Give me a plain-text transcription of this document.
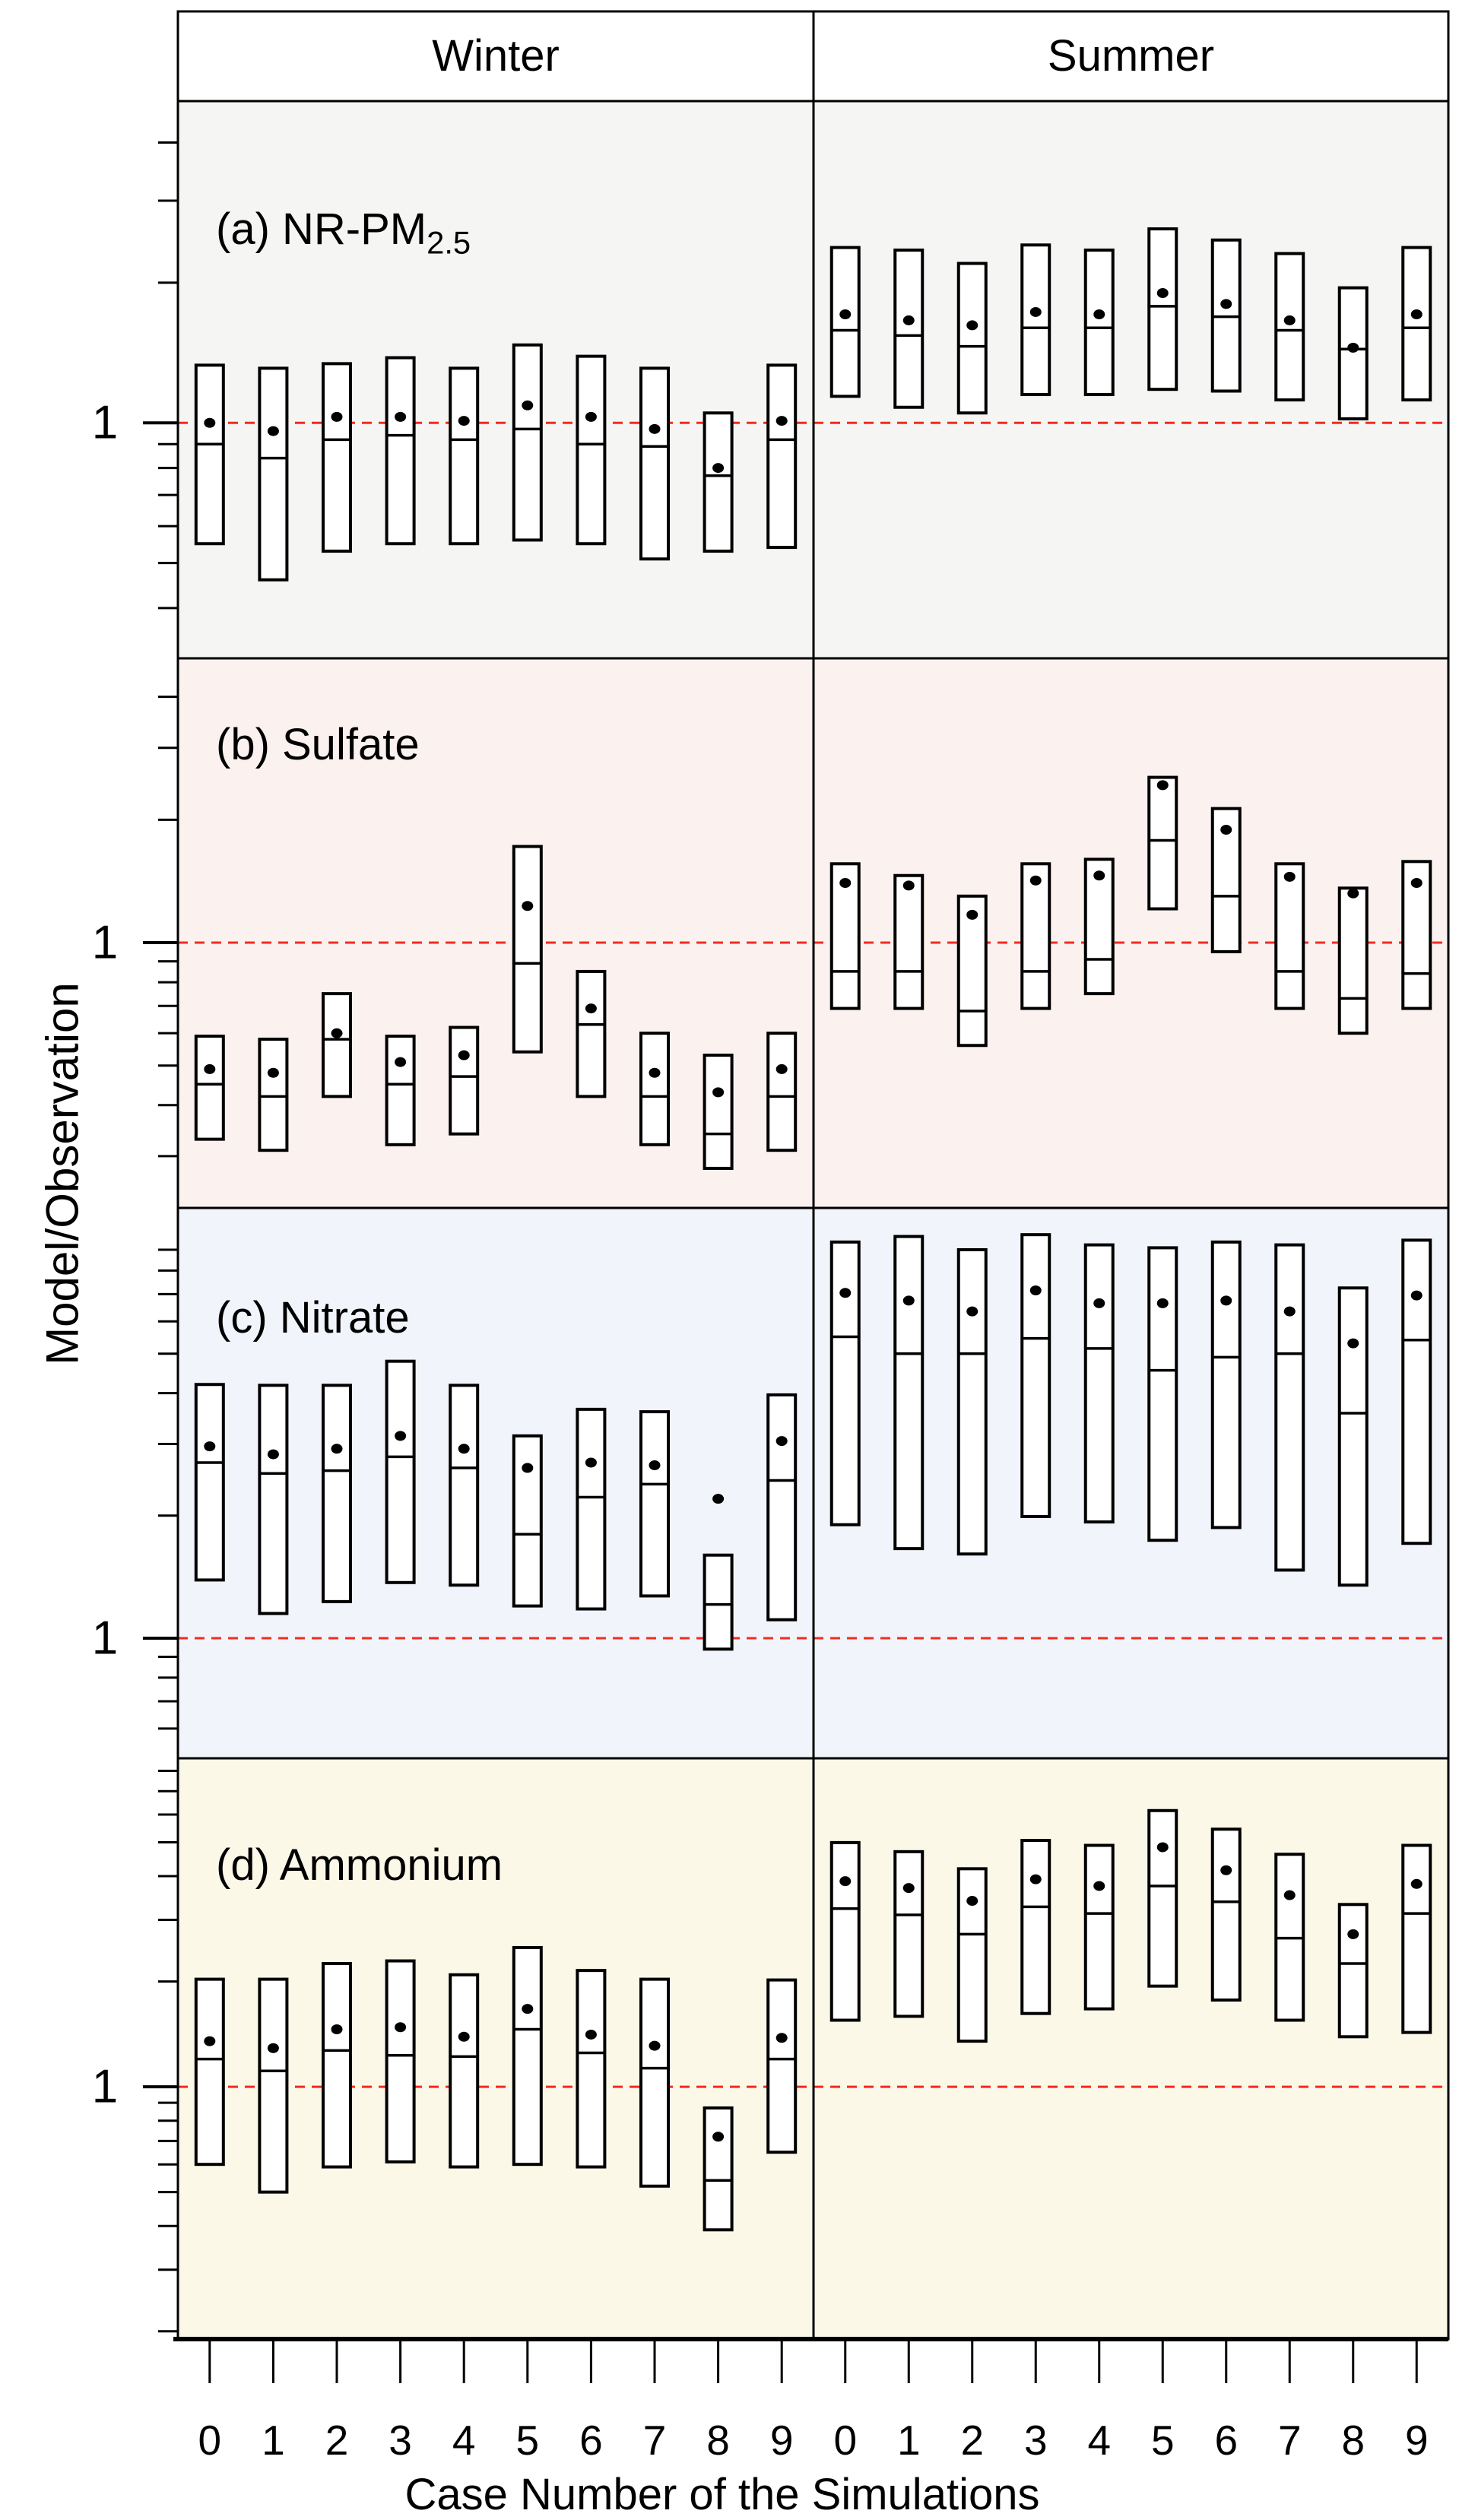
Winter	Summer
(a) $NR-PM_{2.5}$
(b) Sulfate
(c) Nitrate
(d) Ammonium
Model/Observation
Case Number of the Simulations
1
1
1
1
0 1 2 3 4 5 6 7 8 9 0 1 2 3 4 5 6 7 8 9
